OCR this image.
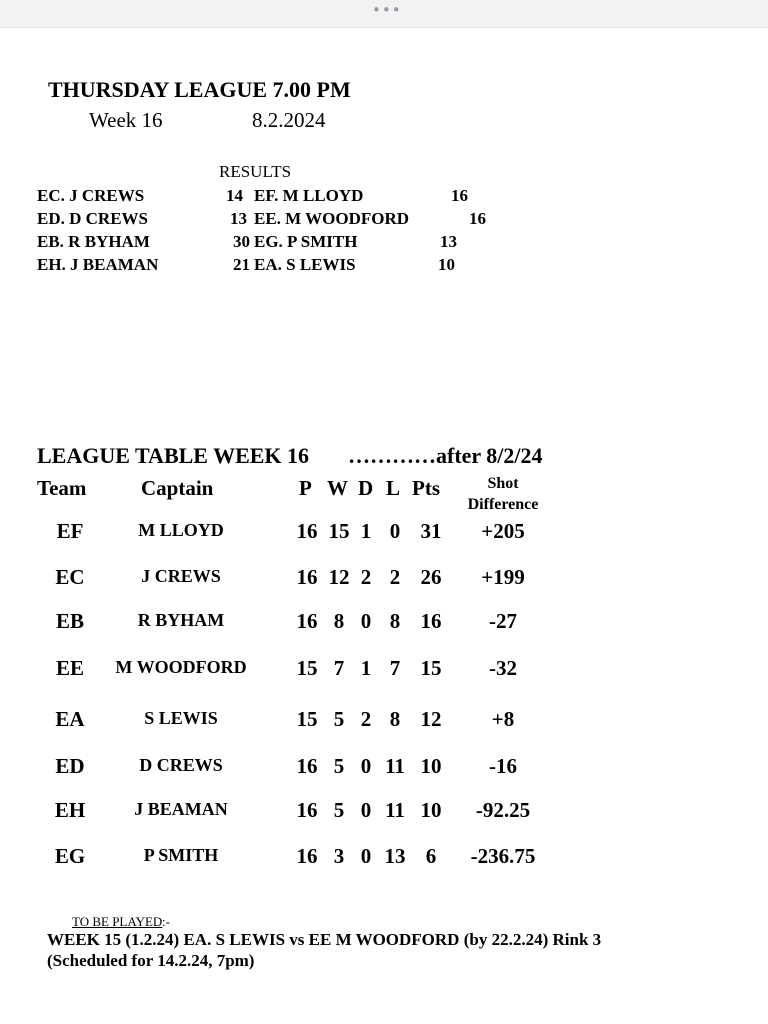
•••
THURSDAY LEAGUE 7.00 PM
Week 16	8.2.2024
RESULTS
EC. J CREWS	14 EF. M LLOYD	16
ED. D CREWS	13 EE. M WOODFORD	16
EB. R BYHAM	30 EG. P SMITH	13
EH. J BEAMAN	21 EA. S LEWIS	10
LEAGUE TABLE WEEK 16 …………after 8/2/24
Team	Captain	P W D L Pts	Shot
Difference
EF	M LLOYD	16 15 1 0 31	+205
EC	J CREWS	16 12 2 2 26	+199
EB	R BYHAM	16 8 0 8 16	-27
EE	M WOODFORD 15 7 1 7 15	-32
EA	S LEWIS	15 5 2 8 12	+8
ED	D CREWS	16 5 0 11 10	-16
EH	J BEAMAN	16 5 0 11 10	-92.25
EG	P SMITH	16 3 0 13 6	-236.75
TO BE PLAYED :-
WEEK 15 (1.2.24) EA. S LEWIS vs EE M WOODFORD (by 22.2.24) Rink 3
(Scheduled for 14.2.24, 7pm)
